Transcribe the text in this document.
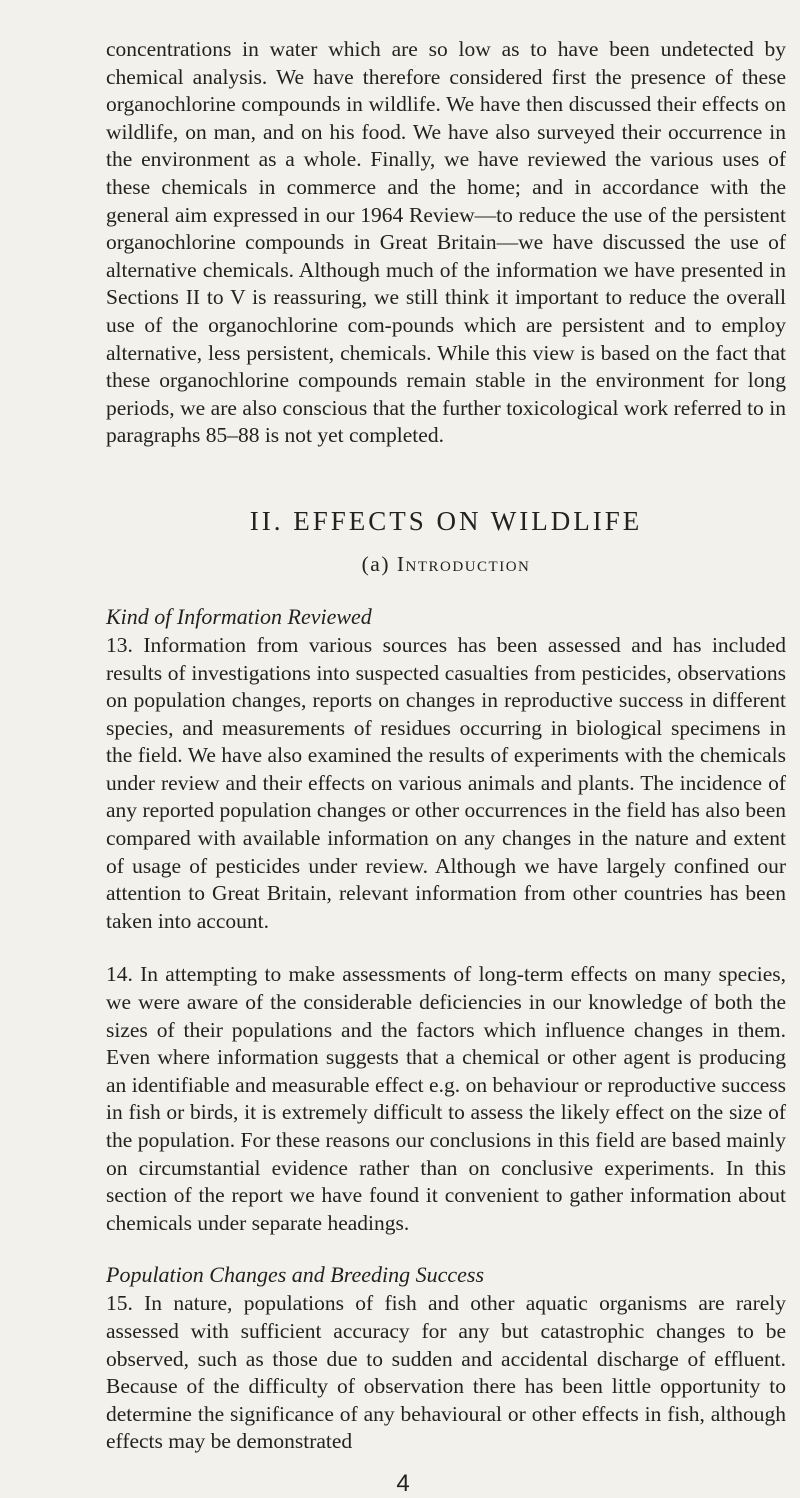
concentrations in water which are so low as to have been undetected by chemical analysis. We have therefore considered first the presence of these organochlorine compounds in wildlife. We have then discussed their effects on wildlife, on man, and on his food. We have also surveyed their occurrence in the environment as a whole. Finally, we have reviewed the various uses of these chemicals in commerce and the home; and in accordance with the general aim expressed in our 1964 Review—to reduce the use of the persistent organochlorine compounds in Great Britain—we have discussed the use of alternative chemicals. Although much of the information we have presented in Sections II to V is reassuring, we still think it important to reduce the overall use of the organochlorine com-pounds which are persistent and to employ alternative, less persistent, chemicals. While this view is based on the fact that these organochlorine compounds remain stable in the environment for long periods, we are also conscious that the further toxicological work referred to in paragraphs 85–88 is not yet completed.

II. EFFECTS ON WILDLIFE
(a) Introduction
Kind of Information Reviewed

13. Information from various sources has been assessed and has included results of investigations into suspected casualties from pesticides, observations on population changes, reports on changes in reproductive success in different species, and measurements of residues occurring in biological specimens in the field. We have also examined the results of experiments with the chemicals under review and their effects on various animals and plants. The incidence of any reported population changes or other occurrences in the field has also been compared with available information on any changes in the nature and extent of usage of pesticides under review. Although we have largely confined our attention to Great Britain, relevant information from other countries has been taken into account.

14. In attempting to make assessments of long-term effects on many species, we were aware of the considerable deficiencies in our knowledge of both the sizes of their populations and the factors which influence changes in them. Even where information suggests that a chemical or other agent is producing an identifiable and measurable effect e.g. on behaviour or reproductive success in fish or birds, it is extremely difficult to assess the likely effect on the size of the population. For these reasons our conclusions in this field are based mainly on circumstantial evidence rather than on conclusive experiments. In this section of the report we have found it convenient to gather information about chemicals under separate headings.

Population Changes and Breeding Success

15. In nature, populations of fish and other aquatic organisms are rarely assessed with sufficient accuracy for any but catastrophic changes to be observed, such as those due to sudden and accidental discharge of effluent. Because of the difficulty of observation there has been little opportunity to determine the significance of any behavioural or other effects in fish, although effects may be demonstrated

4
